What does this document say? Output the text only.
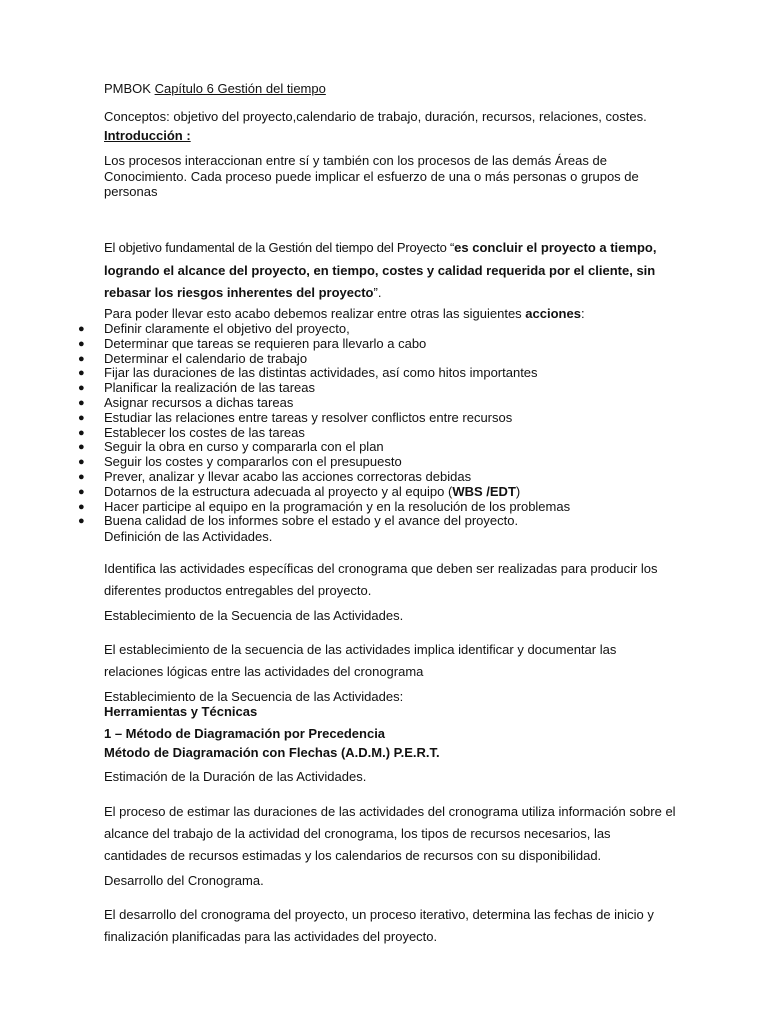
PMBOK Capítulo 6 Gestión del tiempo
Conceptos: objetivo del proyecto,calendario de trabajo, duración, recursos, relaciones, costes.
Introducción :
Los procesos interaccionan entre sí y también con los procesos de las demás Áreas de
Conocimiento. Cada proceso puede implicar el esfuerzo de una o más personas o grupos de
personas
El objetivo fundamental de la Gestión del tiempo del Proyecto “es concluir el proyecto a tiempo,
logrando el alcance del proyecto, en tiempo, costes y calidad requerida por el cliente, sin
rebasar los riesgos inherentes del proyecto”.
Para poder llevar esto acabo debemos realizar entre otras las siguientes acciones:
● Definir claramente el objetivo del proyecto,
● Determinar que tareas se requieren para llevarlo a cabo
● Determinar el calendario de trabajo
● Fijar las duraciones de las distintas actividades, así como hitos importantes
● Planificar la realización de las tareas
● Asignar recursos a dichas tareas
● Estudiar las relaciones entre tareas y resolver conflictos entre recursos
● Establecer los costes de las tareas
● Seguir la obra en curso y compararla con el plan
● Seguir los costes y compararlos con el presupuesto
● Prever, analizar y llevar acabo las acciones correctoras debidas
● Dotarnos de la estructura adecuada al proyecto y al equipo (WBS /EDT)
● Hacer participe al equipo en la programación y en la resolución de los problemas
● Buena calidad de los informes sobre el estado y el avance del proyecto.
Definición de las Actividades.
Identifica las actividades específicas del cronograma que deben ser realizadas para producir los
diferentes productos entregables del proyecto.
Establecimiento de la Secuencia de las Actividades.
El establecimiento de la secuencia de las actividades implica identificar y documentar las
relaciones lógicas entre las actividades del cronograma
Establecimiento de la Secuencia de las Actividades:
Herramientas y Técnicas
1 – Método de Diagramación por Precedencia
Método de Diagramación con Flechas (A.D.M.) P.E.R.T.
Estimación de la Duración de las Actividades.
El proceso de estimar las duraciones de las actividades del cronograma utiliza información sobre el
alcance del trabajo de la actividad del cronograma, los tipos de recursos necesarios, las
cantidades de recursos estimadas y los calendarios de recursos con su disponibilidad.
Desarrollo del Cronograma.
El desarrollo del cronograma del proyecto, un proceso iterativo, determina las fechas de inicio y
finalización planificadas para las actividades del proyecto.
